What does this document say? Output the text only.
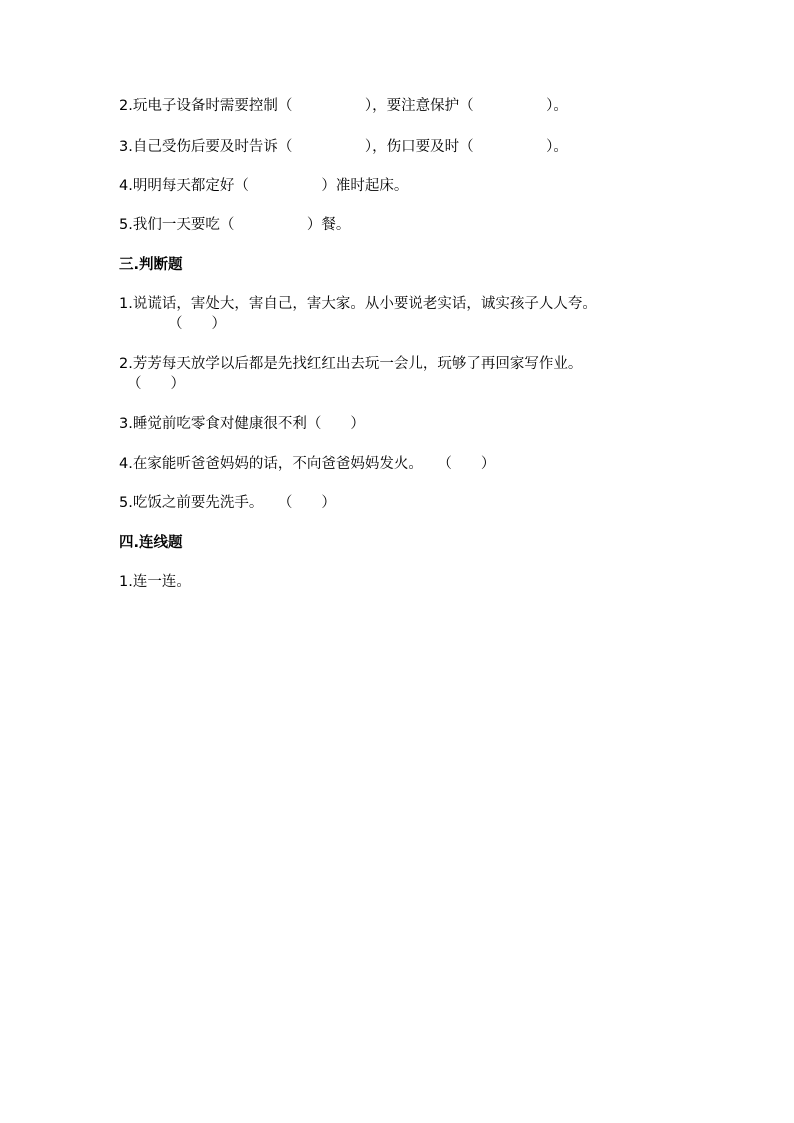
2.玩电子设备时需要控制（　　　　　），要注意保护（　　　　　）。
3.自己受伤后要及时告诉（　　　　　），伤口要及时（　　　　　）。
4.明明每天都定好（　　　　　）准时起床。
5.我们一天要吃（　　　　　）餐。
三.判断题
1.说谎话，害处大，害自己，害大家。从小要说老实话，诚实孩子人人夸。
（　　）
2.芳芳每天放学以后都是先找红红出去玩一会儿，玩够了再回家写作业。
（　　）
3.睡觉前吃零食对健康很不利（　　）
4.在家能听爸爸妈妈的话，不向爸爸妈妈发火。　　（　　）
5.吃饭之前要先洗手。　　（　　）
四.连线题
1.连一连。
